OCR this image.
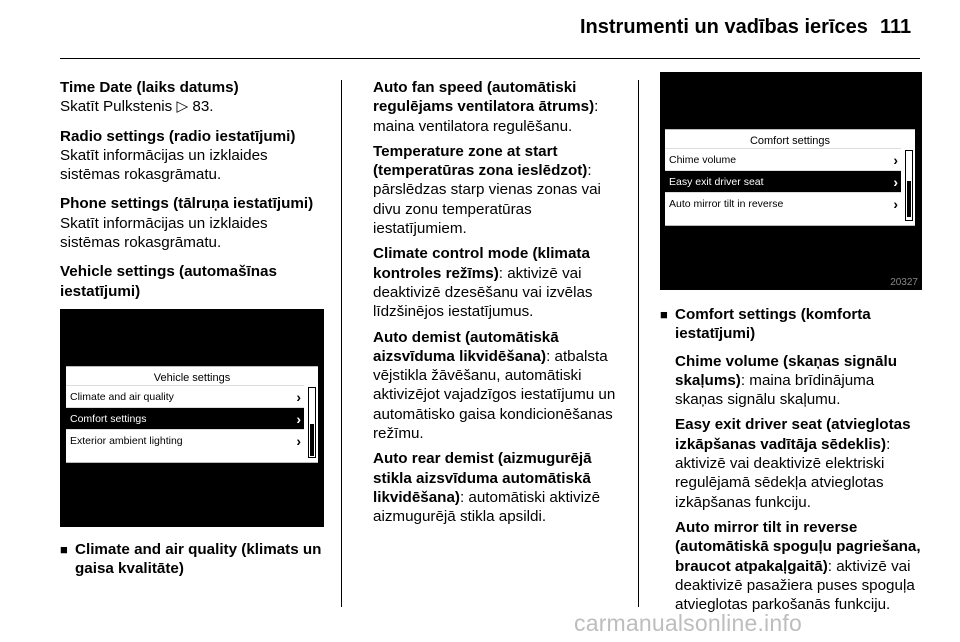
Instrumenti un vadības ierīces 111
Time Date (laiks datums)
Skatīt Pulkstenis ▷ 83.
Radio settings (radio iestatījumi)
Skatīt informācijas un izklaides sistēmas rokasgrāmatu.
Phone settings (tālruņa iestatījumi)
Skatīt informācijas un izklaides sistēmas rokasgrāmatu.
Vehicle settings (automašīnas iestatījumi)
Vehicle settings
Climate and air quality	›
Comfort settings	›
Exterior ambient lighting	›
■ Climate and air quality (klimats un gaisa kvalitāte)
Auto fan speed (automātiski regulējams ventilatora ātrums): maina ventilatora regulēšanu.
Temperature zone at start (temperatūras zona ieslēdzot): pārslēdzas starp vienas zonas vai divu zonu temperatūras iestatījumiem.
Climate control mode (klimata kontroles režīms): aktivizē vai deaktivizē dzesēšanu vai izvēlas līdzšinējos iestatījumus.
Auto demist (automātiskā aizsvīduma likvidēšana): atbalsta vējstikla žāvēšanu, automātiski aktivizējot vajadzīgos iestatījumu un automātisko gaisa kondicionēšanas režīmu.
Auto rear demist (aizmugurējā stikla aizsvīduma automātiskā likvidēšana): automātiski aktivizē aizmugurējā stikla apsildi.
Comfort settings
Chime volume	›
Easy exit driver seat	›
Auto mirror tilt in reverse	›
20327
■ Comfort settings (komforta iestatījumi)
Chime volume (skaņas signālu skaļums): maina brīdinājuma skaņas signālu skaļumu.
Easy exit driver seat (atvieglotas izkāpšanas vadītāja sēdeklis): aktivizē vai deaktivizē elektriski regulējamā sēdekļa atvieglotas izkāpšanas funkciju.
Auto mirror tilt in reverse (automātiskā spoguļu pagriešana, braucot atpakaļgaitā): aktivizē vai deaktivizē pasažiera puses spoguļa atvieglotas parkošanās funkciju.
carmanualsonline.info
